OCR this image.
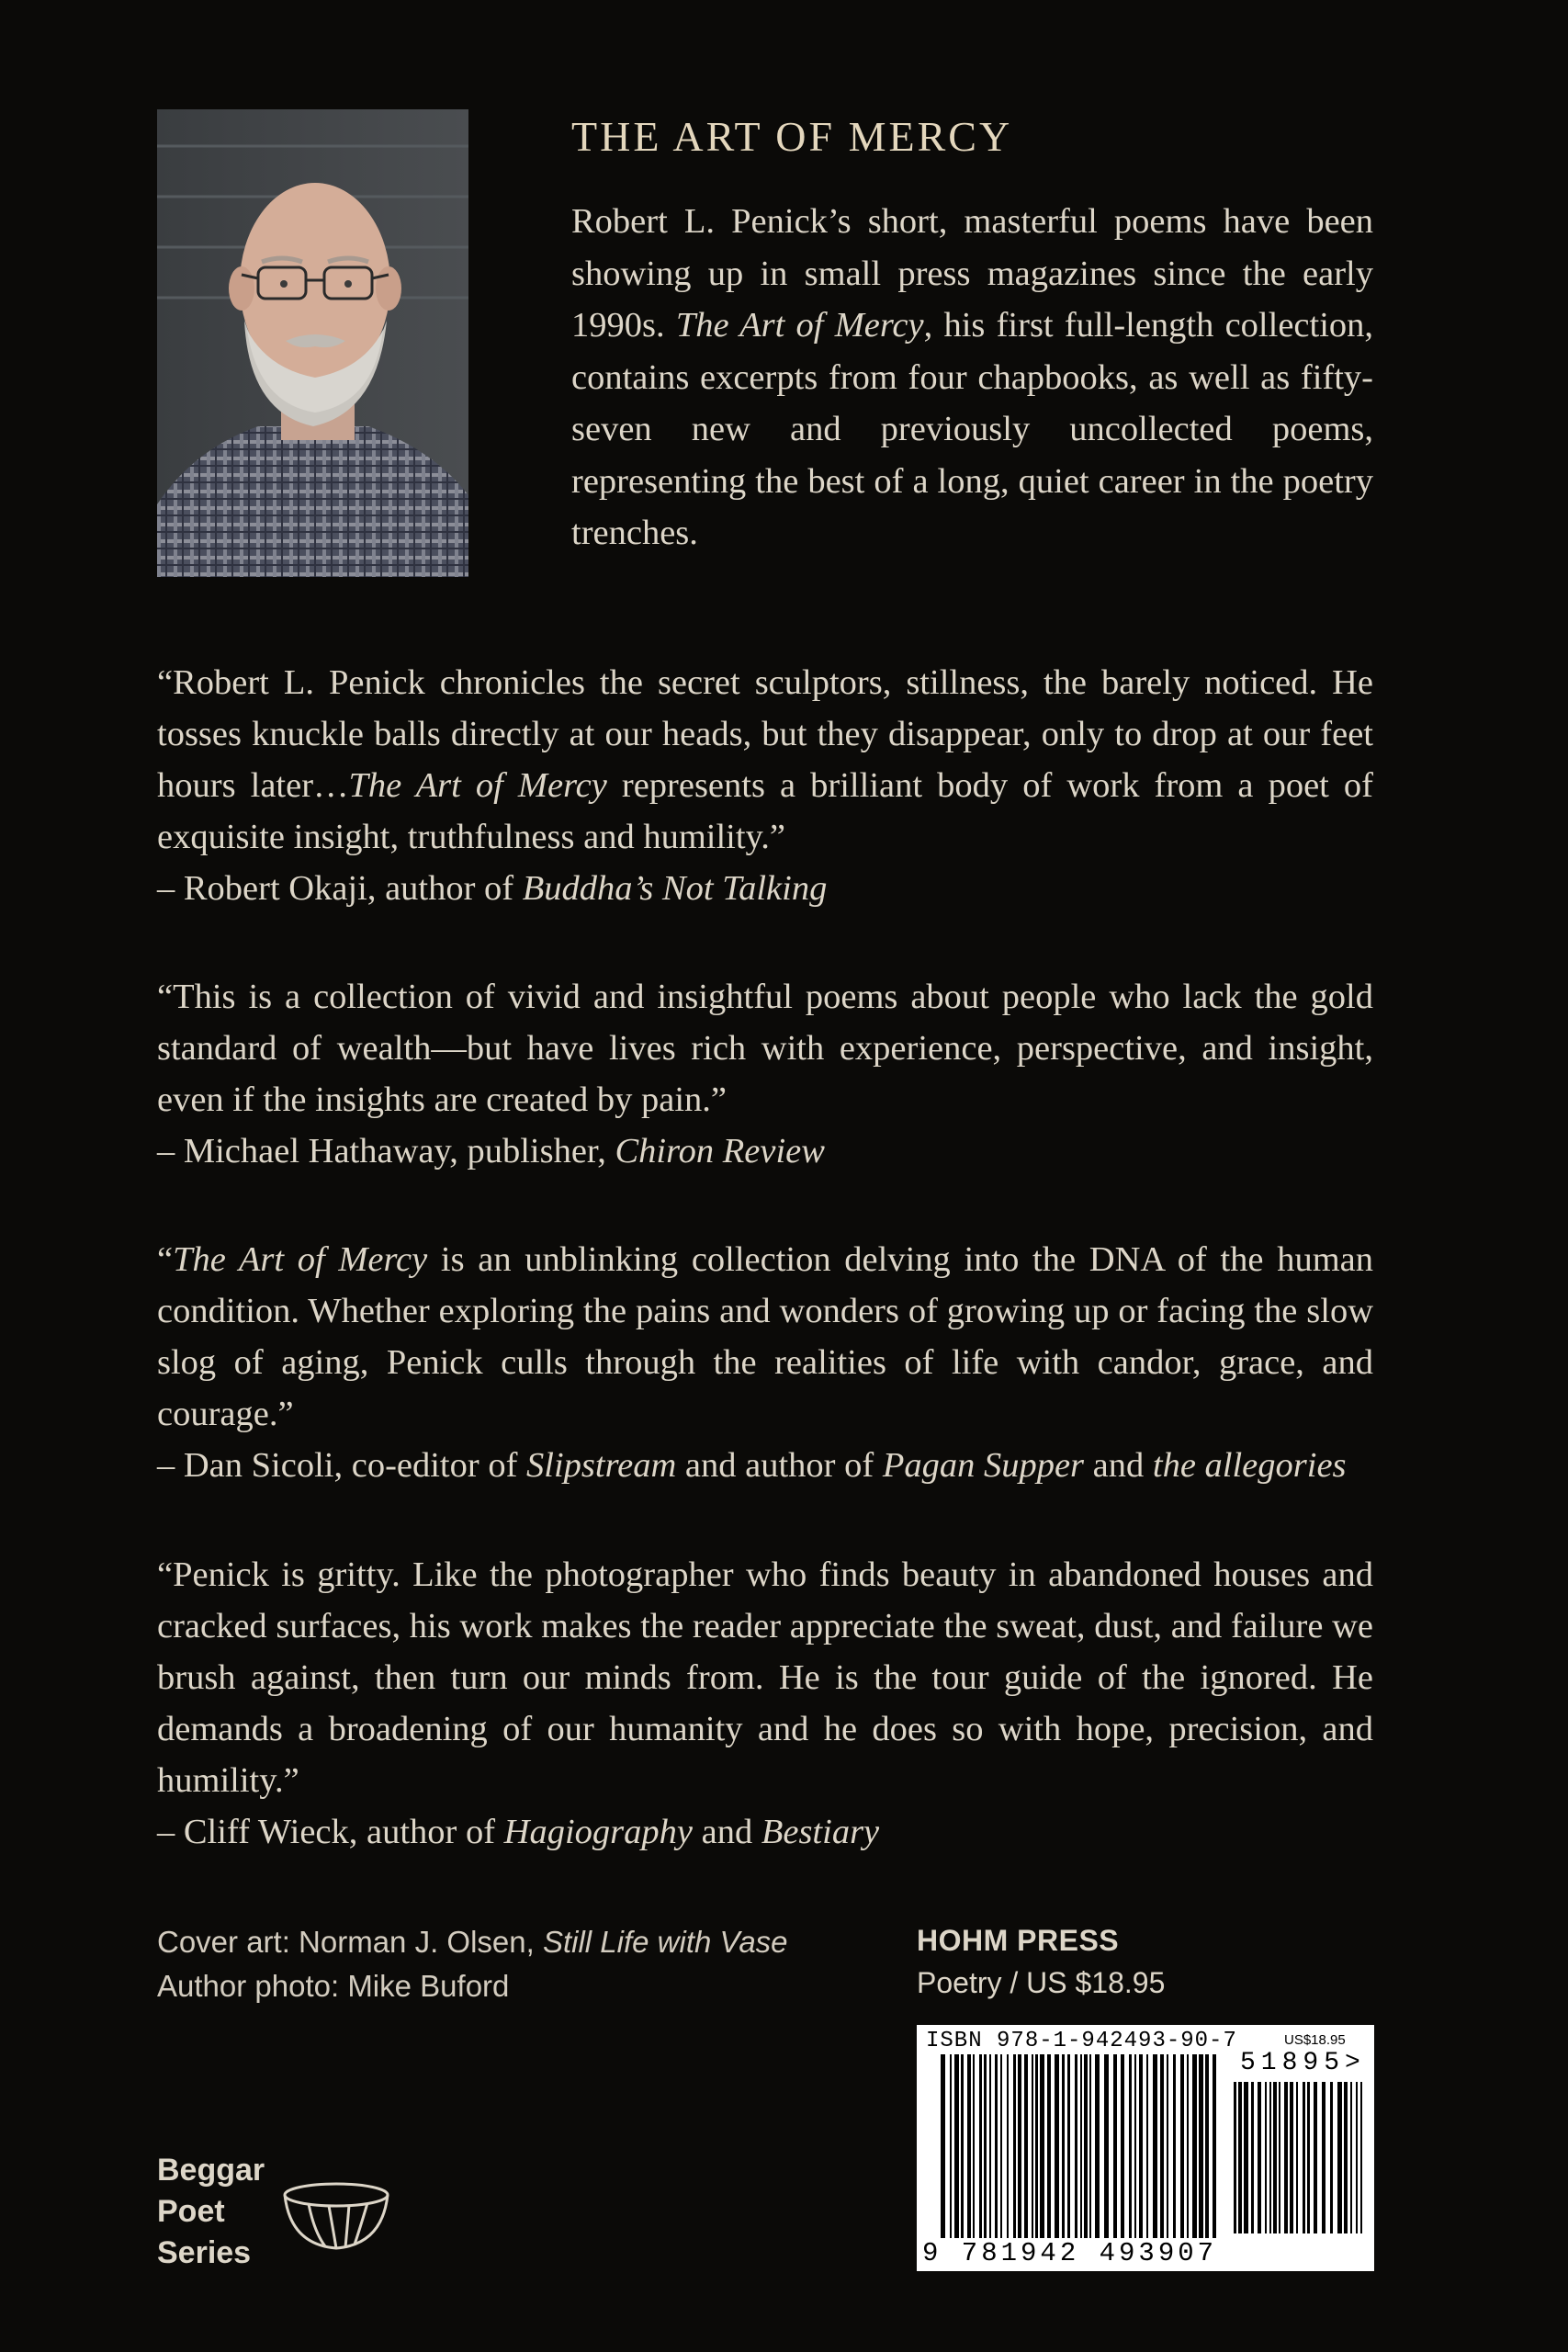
THE ART OF MERCY

Robert L. Penick’s short, masterful poems have been showing up in small press magazines since the early 1990s. The Art of Mercy, his first full-length collection, contains excerpts from four chapbooks, as well as fifty-seven new and previously uncollected poems, representing the best of a long, quiet career in the poetry trenches.

“Robert L. Penick chronicles the secret sculptors, stillness, the barely noticed. He tosses knuckle balls directly at our heads, but they disappear, only to drop at our feet hours later…The Art of Mercy represents a brilliant body of work from a poet of exquisite insight, truthfulness and humility.”
– Robert Okaji, author of Buddha’s Not Talking
“This is a collection of vivid and insightful poems about people who lack the gold standard of wealth—but have lives rich with experience, perspective, and insight, even if the insights are created by pain.”
– Michael Hathaway, publisher, Chiron Review
“The Art of Mercy is an unblinking collection delving into the DNA of the human condition. Whether exploring the pains and wonders of growing up or facing the slow slog of aging, Penick culls through the realities of life with candor, grace, and courage.”
– Dan Sicoli, co-editor of Slipstream and author of Pagan Supper and the allegories
“Penick is gritty. Like the photographer who finds beauty in abandoned houses and cracked surfaces, his work makes the reader appreciate the sweat, dust, and failure we brush against, then turn our minds from. He is the tour guide of the ignored. He demands a broadening of our humanity and he does so with hope, precision, and humility.”
– Cliff Wieck, author of Hagiography and Bestiary
Cover art: Norman J. Olsen, Still Life with Vase
Author photo: Mike Buford
HOHM PRESS
Poetry / US $18.95
ISBN 978-1-942493-90-7	US$18.95
51895>
9 781942 493907
Beggar
Poet
Series
